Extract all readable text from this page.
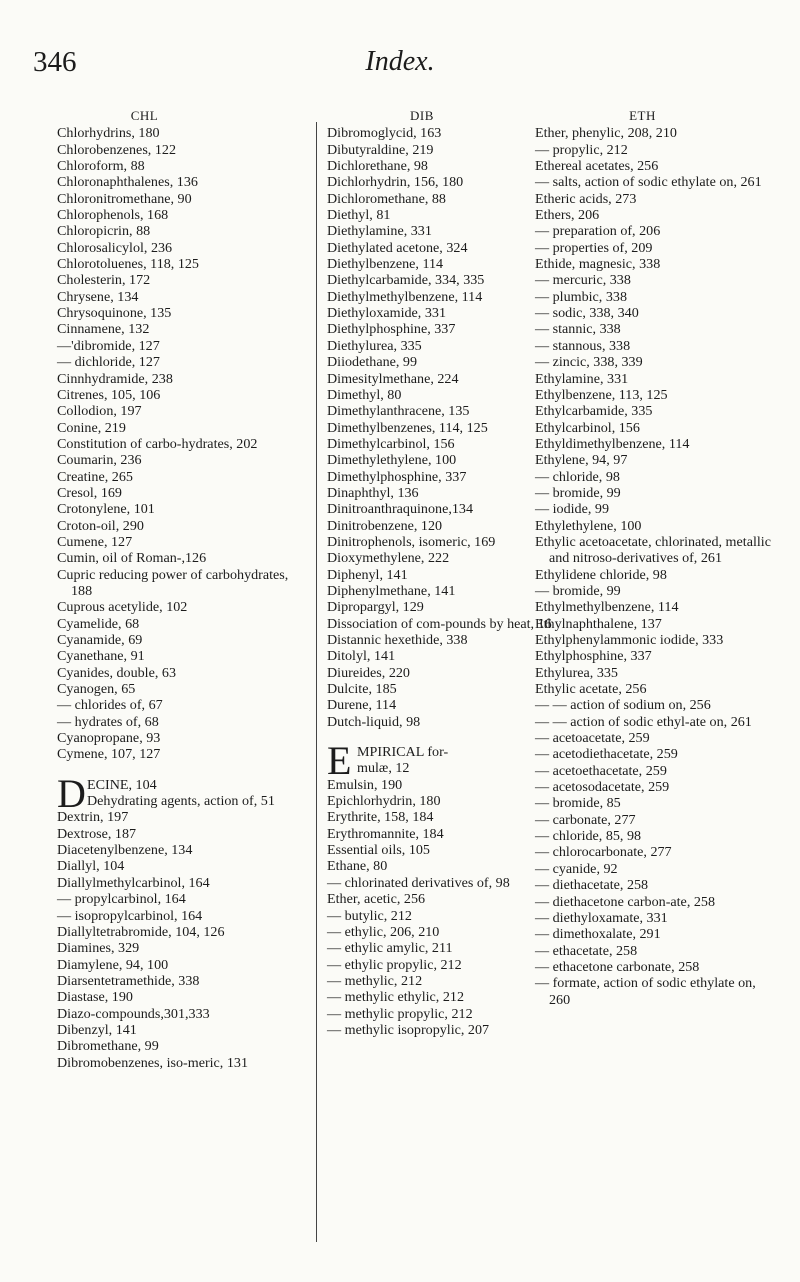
346	Index.
CHL
Chlorhydrins, 180
Chlorobenzenes, 122
Chloroform, 88
Chloronaphthalenes, 136
Chloronitromethane, 90
Chlorophenols, 168
Chloropicrin, 88
Chlorosalicylol, 236
Chlorotoluenes, 118, 125
Cholesterin, 172
Chrysene, 134
Chrysoquinone, 135
Cinnamene, 132
—'dibromide, 127
— dichloride, 127
Cinnhydramide, 238
Citrenes, 105, 106
Collodion, 197
Conine, 219
Constitution of carbo-hydrates, 202
Coumarin, 236
Creatine, 265
Cresol, 169
Crotonylene, 101
Croton-oil, 290
Cumene, 127
Cumin, oil of Roman-,126
Cupric reducing power of carbohydrates, 188
Cuprous acetylide, 102
Cyamelide, 68
Cyanamide, 69
Cyanethane, 91
Cyanides, double, 63
Cyanogen, 65
— chlorides of, 67
— hydrates of, 68
Cyanopropane, 93
Cymene, 107, 127
D ECINE, 104
Dehydrating agents, action of, 51
Dextrin, 197
Dextrose, 187
Diacetenylbenzene, 134
Diallyl, 104
Diallylmethylcarbinol, 164
— propylcarbinol, 164
— isopropylcarbinol, 164
Diallyltetrabromide, 104, 126
Diamines, 329
Diamylene, 94, 100
Diarsentetramethide, 338
Diastase, 190
Diazo-compounds,301,333
Dibenzyl, 141
Dibromethane, 99
Dibromobenzenes, iso-meric, 131
DIB
Dibromoglycid, 163
Dibutyraldine, 219
Dichlorethane, 98
Dichlorhydrin, 156, 180
Dichloromethane, 88
Diethyl, 81
Diethylamine, 331
Diethylated acetone, 324
Diethylbenzene, 114
Diethylcarbamide, 334, 335
Diethylmethylbenzene, 114
Diethyloxamide, 331
Diethylphosphine, 337
Diethylurea, 335
Diiodethane, 99
Dimesitylmethane, 224
Dimethyl, 80
Dimethylanthracene, 135
Dimethylbenzenes, 114, 125
Dimethylcarbinol, 156
Dimethylethylene, 100
Dimethylphosphine, 337
Dinaphthyl, 136
Dinitroanthraquinone,134
Dinitrobenzene, 120
Dinitrophenols, isomeric, 169
Dioxymethylene, 222
Diphenyl, 141
Diphenylmethane, 141
Dipropargyl, 129
Dissociation of com-pounds by heat, 16
Distannic hexethide, 338
Ditolyl, 141
Diureides, 220
Dulcite, 185
Durene, 114
Dutch-liquid, 98
E MPIRICAL for-
mulæ, 12
Emulsin, 190
Epichlorhydrin, 180
Erythrite, 158, 184
Erythromannite, 184
Essential oils, 105
Ethane, 80
— chlorinated derivatives of, 98
Ether, acetic, 256
— butylic, 212
— ethylic, 206, 210
— ethylic amylic, 211
— ethylic propylic, 212
— methylic, 212
— methylic ethylic, 212
— methylic propylic, 212
— methylic isopropylic, 207
ETH
Ether, phenylic, 208, 210
— propylic, 212
Ethereal acetates, 256
— salts, action of sodic ethylate on, 261
Etheric acids, 273
Ethers, 206
— preparation of, 206
— properties of, 209
Ethide, magnesic, 338
— mercuric, 338
— plumbic, 338
— sodic, 338, 340
— stannic, 338
— stannous, 338
— zincic, 338, 339
Ethylamine, 331
Ethylbenzene, 113, 125
Ethylcarbamide, 335
Ethylcarbinol, 156
Ethyldimethylbenzene, 114
Ethylene, 94, 97
— chloride, 98
— bromide, 99
— iodide, 99
Ethylethylene, 100
Ethylic acetoacetate, chlorinated, metallic and nitroso-derivatives of, 261
Ethylidene chloride, 98
— bromide, 99
Ethylmethylbenzene, 114
Ethylnaphthalene, 137
Ethylphenylammonic iodide, 333
Ethylphosphine, 337
Ethylurea, 335
Ethylic acetate, 256
— — action of sodium on, 256
— — action of sodic ethyl-ate on, 261
— acetoacetate, 259
— acetodiethacetate, 259
— acetoethacetate, 259
— acetosodacetate, 259
— bromide, 85
— carbonate, 277
— chloride, 85, 98
— chlorocarbonate, 277
— cyanide, 92
— diethacetate, 258
— diethacetone carbon-ate, 258
— diethyloxamate, 331
— dimethoxalate, 291
— ethacetate, 258
— ethacetone carbonate, 258
— formate, action of sodic ethylate on, 260
